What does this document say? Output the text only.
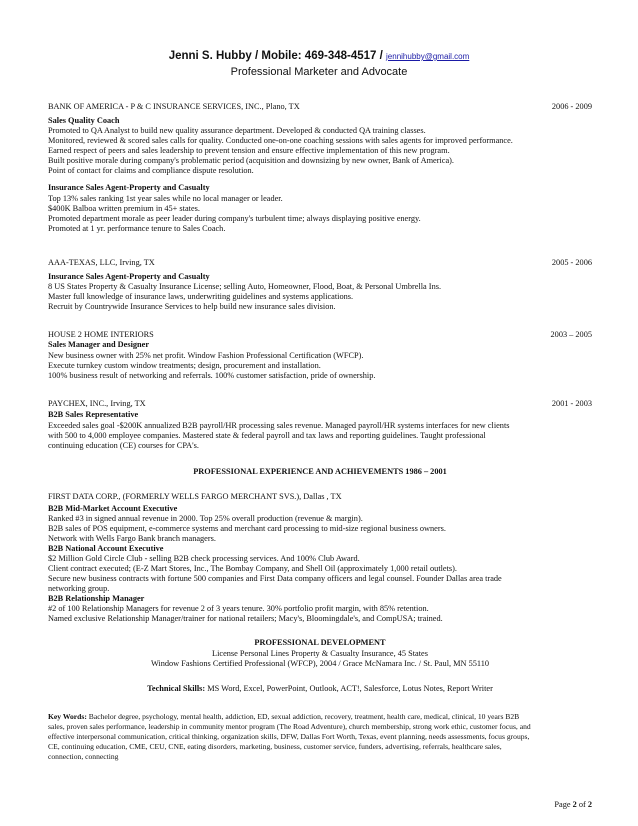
Jenni S. Hubby / Mobile: 469-348-4517 / jennihubby@gmail.com
Professional Marketer and Advocate
BANK OF AMERICA - P & C INSURANCE SERVICES, INC., Plano, TX	2006 - 2009
Sales Quality Coach
Promoted to QA Analyst to build new quality assurance department. Developed & conducted QA training classes.
Monitored, reviewed & scored sales calls for quality. Conducted one-on-one coaching sessions with sales agents for improved performance.
Earned respect of peers and sales leadership to prevent tension and ensure effective implementation of this new program.
Built positive morale during company's problematic period (acquisition and downsizing by new owner, Bank of America).
Point of contact for claims and compliance dispute resolution.
Insurance Sales Agent-Property and Casualty
Top 13% sales ranking 1st year sales while no local manager or leader.
$400K Balboa written premium in 45+ states.
Promoted department morale as peer leader during company's turbulent time; always displaying positive energy.
Promoted at 1 yr. performance tenure to Sales Coach.
AAA-TEXAS, LLC, Irving, TX	2005 - 2006
Insurance Sales Agent-Property and Casualty
8 US States Property & Casualty Insurance License; selling Auto, Homeowner, Flood, Boat, & Personal Umbrella Ins.
Master full knowledge of insurance laws, underwriting guidelines and systems applications.
Recruit by Countrywide Insurance Services to help build new insurance sales division.
HOUSE 2 HOME INTERIORS	2003 – 2005
Sales Manager and Designer
New business owner with 25% net profit. Window Fashion Professional Certification (WFCP).
Execute turnkey custom window treatments; design, procurement and installation.
100% business result of networking and referrals. 100% customer satisfaction, pride of ownership.
PAYCHEX, INC., Irving, TX	2001 - 2003
B2B Sales Representative
Exceeded sales goal -$200K annualized B2B payroll/HR processing sales revenue. Managed payroll/HR systems interfaces for new clients
with 500 to 4,000 employee companies. Mastered state & federal payroll and tax laws and reporting guidelines. Taught professional
continuing education (CE) courses for CPA's.
PROFESSIONAL EXPERIENCE AND ACHIEVEMENTS 1986 – 2001
FIRST DATA CORP., (FORMERLY WELLS FARGO MERCHANT SVS.), Dallas , TX
B2B Mid-Market Account Executive
Ranked #3 in signed annual revenue in 2000. Top 25% overall production (revenue & margin).
B2B sales of POS equipment, e-commerce systems and merchant card processing to mid-size regional business owners.
Network with Wells Fargo Bank branch managers.
B2B National Account Executive
$2 Million Gold Circle Club - selling B2B check processing services. And 100% Club Award.
Client contract executed; (E-Z Mart Stores, Inc., The Bombay Company, and Shell Oil (approximately 1,000 retail outlets).
Secure new business contracts with fortune 500 companies and First Data company officers and legal counsel. Founder Dallas area trade
networking group.
B2B Relationship Manager
#2 of 100 Relationship Managers for revenue 2 of 3 years tenure. 30% portfolio profit margin, with 85% retention.
Named exclusive Relationship Manager/trainer for national retailers; Macy's, Bloomingdale's, and CompUSA; trained.
PROFESSIONAL DEVELOPMENT
License Personal Lines Property & Casualty Insurance, 45 States
Window Fashions Certified Professional (WFCP), 2004 / Grace McNamara Inc. / St. Paul, MN 55110
Technical Skills: MS Word, Excel, PowerPoint, Outlook, ACT!, Salesforce, Lotus Notes, Report Writer
Key Words: Bachelor degree, psychology, mental health, addiction, ED, sexual addiction, recovery, treatment, health care, medical, clinical, 10 years B2B
sales, proven sales performance, leadership in community mentor program (The Road Adventure), church membership, strong work ethic, customer focus, and
effective interpersonal communication, critical thinking, organization skills, DFW, Dallas Fort Worth, Texas, event planning, needs assessments, focus groups,
CE, continuing education, CME, CEU, CNE, eating disorders, marketing, business, customer service, funders, advertising, referrals, healthcare sales,
connection, connecting
Page 2 of 2
